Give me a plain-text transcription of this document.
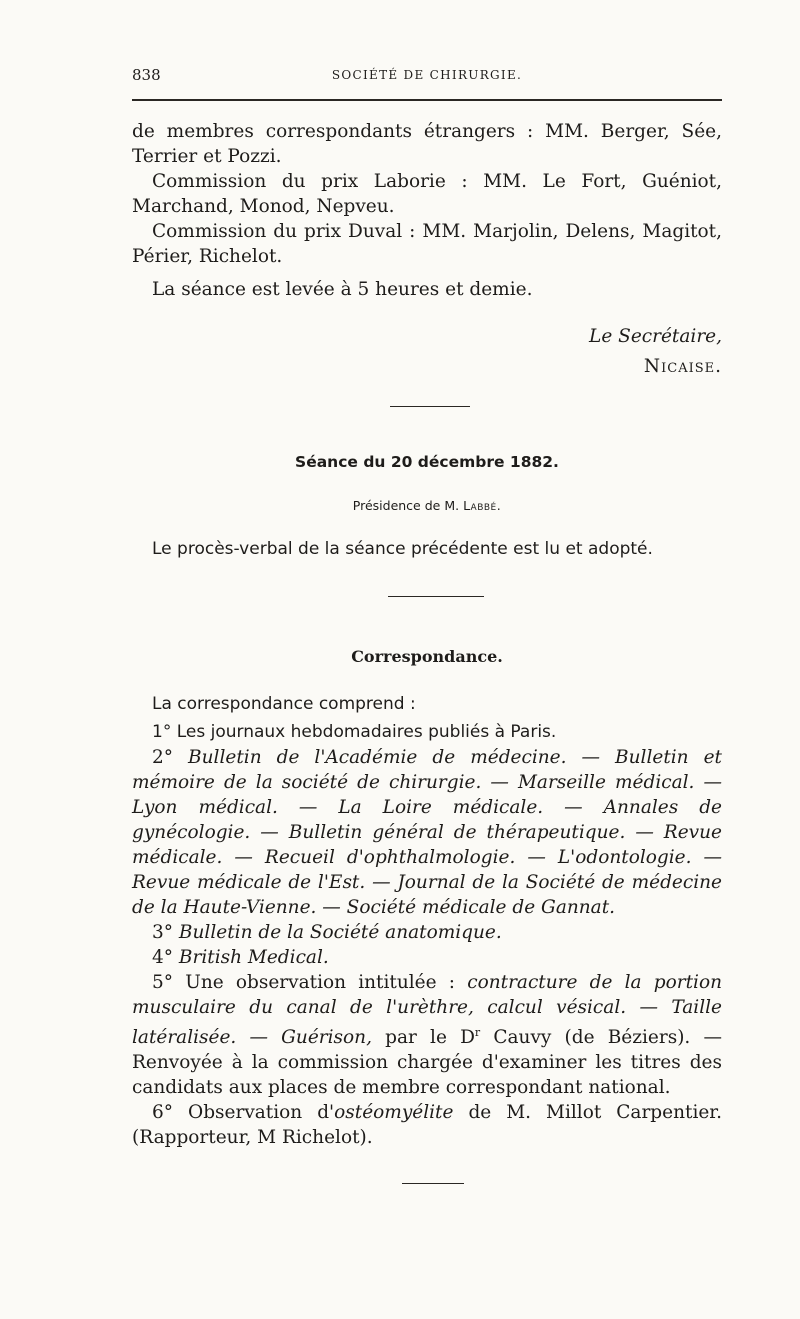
838	SOCIÉTÉ DE CHIRURGIE.

de membres correspondants étrangers : MM. Berger, Sée, Terrier et Pozzi.

Commission du prix Laborie : MM. Le Fort, Guéniot, Marchand, Monod, Nepveu.

Commission du prix Duval : MM. Marjolin, Delens, Magitot, Périer, Richelot.

La séance est levée à 5 heures et demie.

Le Secrétaire,

Nicaise.

Séance du 20 décembre 1882.
Présidence de M. Labbé.
Le procès-verbal de la séance précédente est lu et adopté.
Correspondance.

La correspondance comprend :

1° Les journaux hebdomadaires publiés à Paris.

2° Bulletin de l'Académie de médecine. — Bulletin et mémoire de la société de chirurgie. — Marseille médical. — Lyon médical. — La Loire médicale. — Annales de gynécologie. — Bulletin général de thérapeutique. — Revue médicale. — Recueil d'ophthalmologie. — L'odontologie. — Revue médicale de l'Est. — Journal de la Société de médecine de la Haute-Vienne. — Société médicale de Gannat.

3° Bulletin de la Société anatomique.

4° British Medical.

5° Une observation intitulée : contracture de la portion musculaire du canal de l'urèthre, calcul vésical. — Taille latéralisée. — Guérison, par le $D^r$ Cauvy (de Béziers). —Renvoyée à la commission chargée d'examiner les titres des candidats aux places de membre correspondant national.

6° Observation d'ostéomyélite de M. Millot Carpentier. (Rapporteur, M Richelot).
